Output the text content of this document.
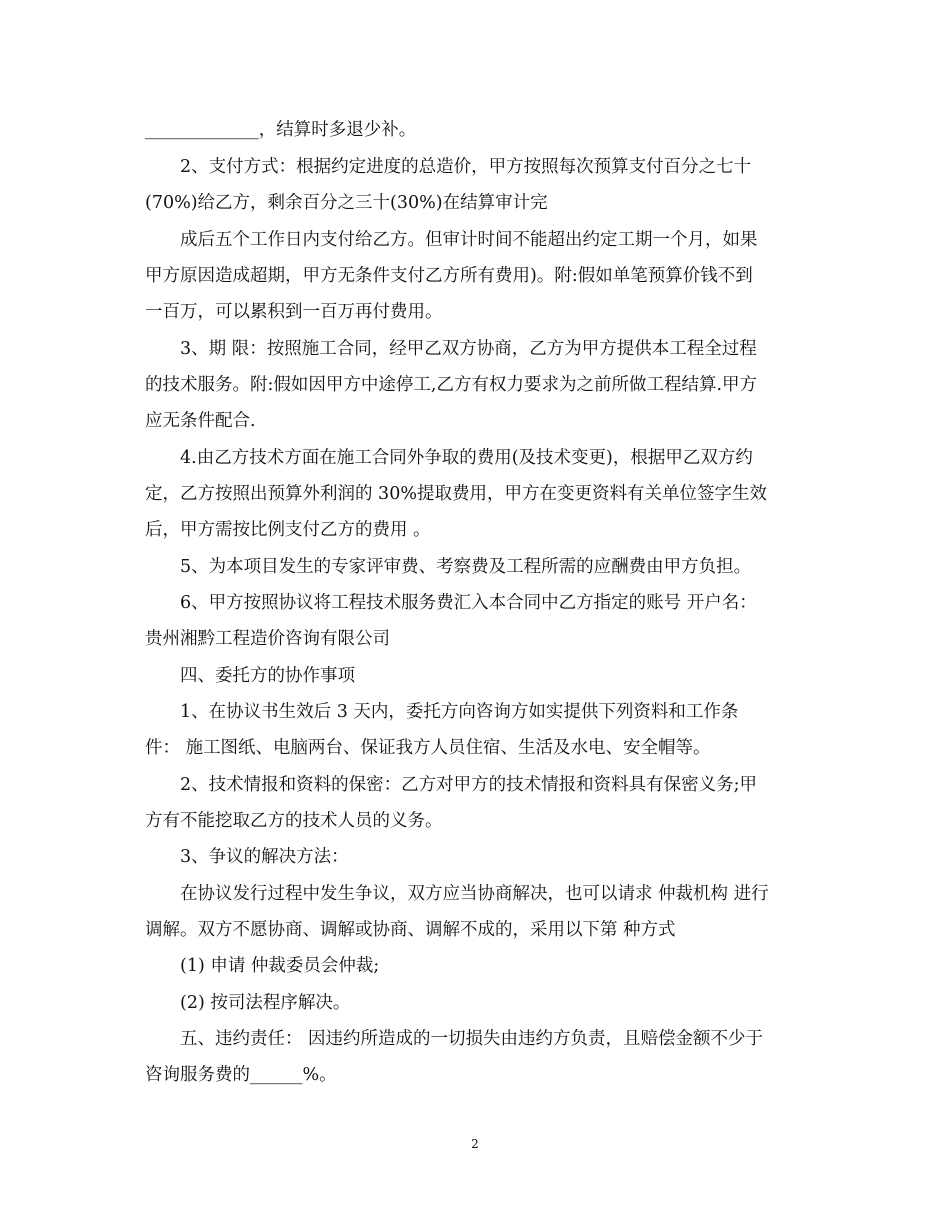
_____________，结算时多退少补。
2、支付方式：根据约定进度的总造价，甲方按照每次预算支付百分之七十
(70%)给乙方，剩余百分之三十(30%)在结算审计完
成后五个工作日内支付给乙方。但审计时间不能超出约定工期一个月，如果
甲方原因造成超期，甲方无条件支付乙方所有费用)。附:假如单笔预算价钱不到
一百万，可以累积到一百万再付费用。
3、期 限：按照施工合同，经甲乙双方协商，乙方为甲方提供本工程全过程
的技术服务。附:假如因甲方中途停工,乙方有权力要求为之前所做工程结算.甲方
应无条件配合.
4.由乙方技术方面在施工合同外争取的费用(及技术变更)，根据甲乙双方约
定，乙方按照出预算外利润的 30%提取费用，甲方在变更资料有关单位签字生效
后，甲方需按比例支付乙方的费用 。
5、为本项目发生的专家评审费、考察费及工程所需的应酬费由甲方负担。
6、甲方按照协议将工程技术服务费汇入本合同中乙方指定的账号 开户名：
贵州湘黔工程造价咨询有限公司
四、委托方的协作事项
1、在协议书生效后 3 天内，委托方向咨询方如实提供下列资料和工作条
件： 施工图纸、电脑两台、保证我方人员住宿、生活及水电、安全帽等。
2、技术情报和资料的保密：乙方对甲方的技术情报和资料具有保密义务;甲
方有不能挖取乙方的技术人员的义务。
3、争议的解决方法：
在协议发行过程中发生争议，双方应当协商解决，也可以请求 仲裁机构 进行
调解。双方不愿协商、调解或协商、调解不成的，采用以下第 种方式
(1) 申请 仲裁委员会仲裁;
(2) 按司法程序解决。
五、违约责任： 因违约所造成的一切损失由违约方负责，且赔偿金额不少于
咨询服务费的______%。
2
